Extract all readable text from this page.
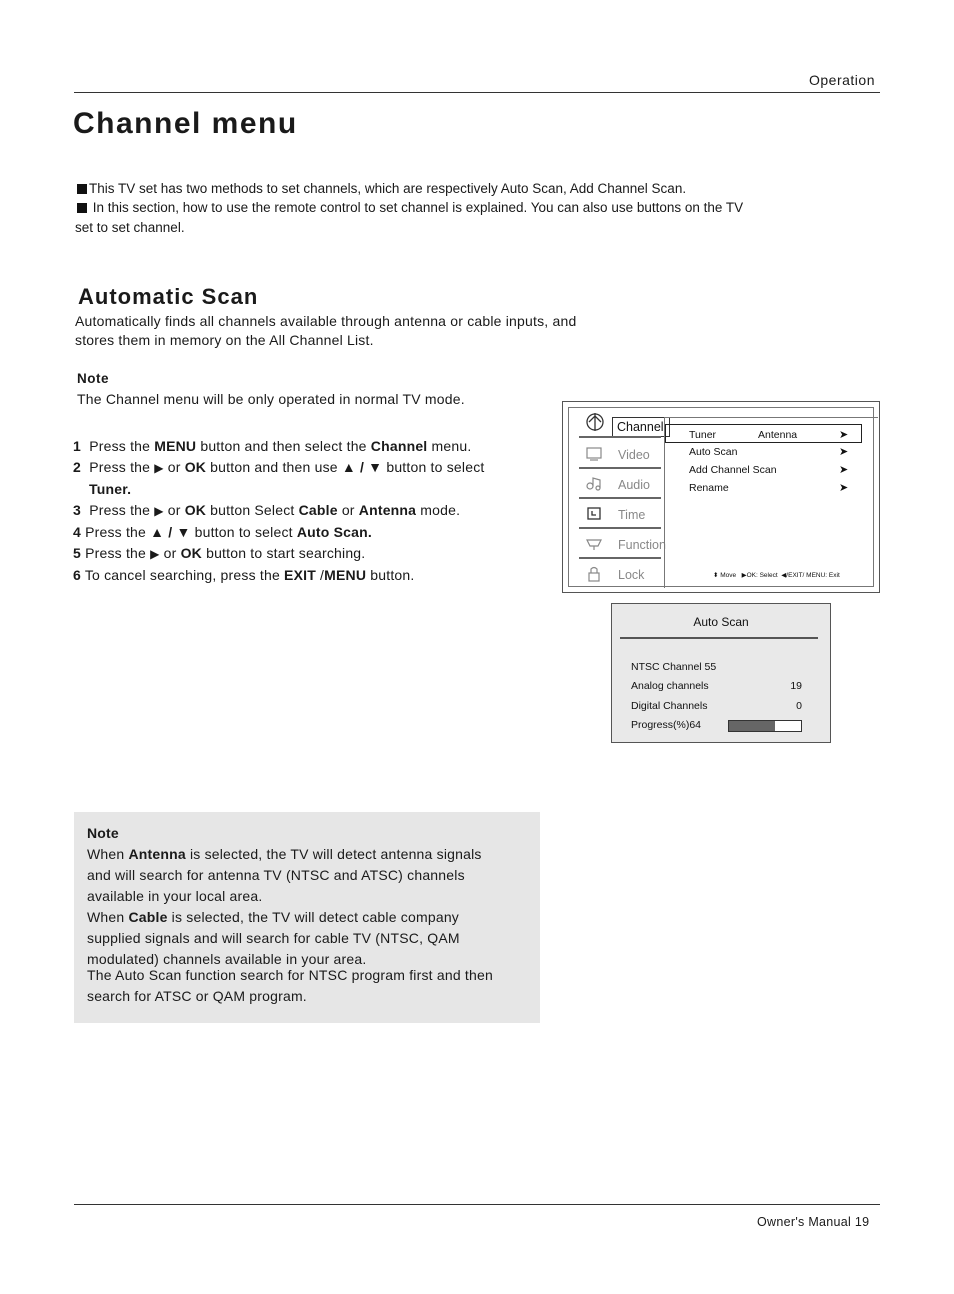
Operation
Channel menu
This TV set has two methods to set channels, which are respectively Auto Scan, Add Channel Scan.
In this section, how to use the remote control to set channel is explained. You can also use buttons on the TV
set to set channel.
Automatic Scan
Automatically finds all channels available through antenna or cable inputs, and
stores them in memory on the All Channel List.
Note
The Channel menu will be only operated in normal TV mode.
1 Press the MENU button and then select the Channel menu.
2 Press the ▶ or OK button and then use ▲ / ▼ button to select
Tuner.
3 Press the ▶ or OK button Select Cable or Antenna mode.
4 Press the ▲ / ▼ button to select Auto Scan.
5 Press the ▶ or OK button to start searching.
6 To cancel searching, press the EXIT /MENU button.
Channel
Video
Audio
Time
Function
Lock
Tuner	Antenna	➤
Auto Scan	➤
Add Channel Scan	➤
Rename	➤
⬍ Move ▶OK: Select ◀/EXIT/ MENU: Exit
Auto Scan
NTSC Channel 55
Analog channels	19
Digital Channels	0
Progress(%)64
Note
When Antenna is selected, the TV will detect antenna signals
and will search for antenna TV (NTSC and ATSC) channels
available in your local area.
When Cable is selected, the TV will detect cable company
supplied signals and will search for cable TV (NTSC, QAM
modulated) channels available in your area.
The Auto Scan function search for NTSC program first and then
search for ATSC or QAM program.
Owner's Manual 19
